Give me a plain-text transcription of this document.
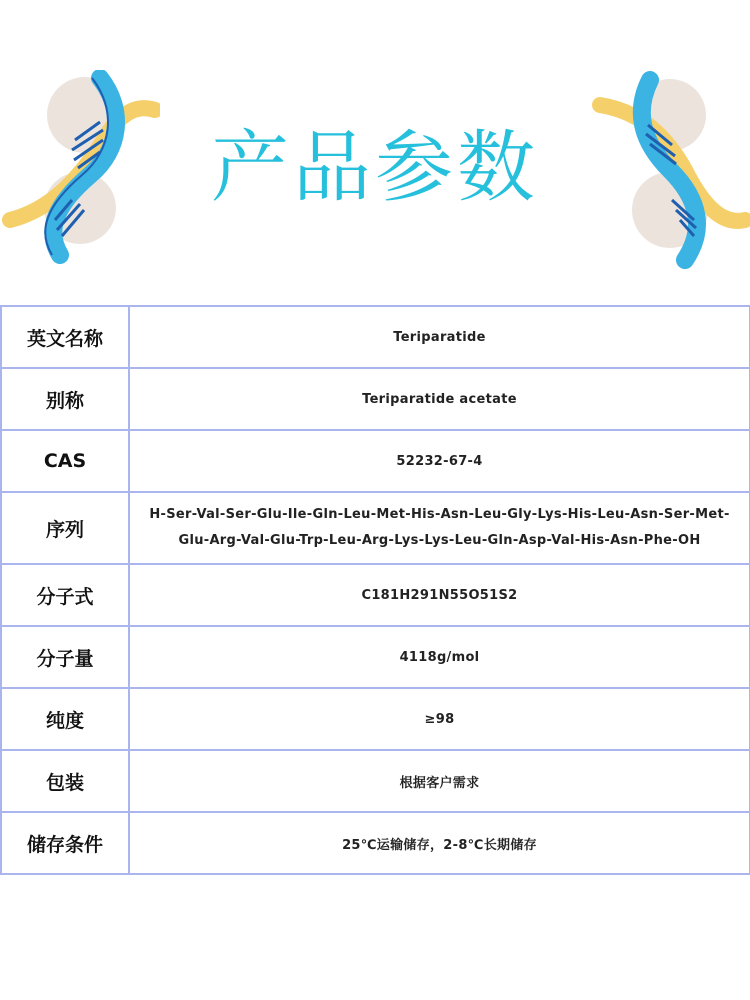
产品参数
英文名称	Teriparatide
别称	Teriparatide acetate
CAS	52232-67-4
序列	H-Ser-Val-Ser-Glu-Ile-Gln-Leu-Met-His-Asn-Leu-Gly-Lys-His-Leu-Asn-Ser-Met-
Glu-Arg-Val-Glu-Trp-Leu-Arg-Lys-Lys-Leu-Gln-Asp-Val-His-Asn-Phe-OH

分子式	C181H291N55O51S2
分子量	4118g/mol
纯度	≥98
包装	根据客户需求
储存条件	25℃运输储存，2-8℃长期储存
